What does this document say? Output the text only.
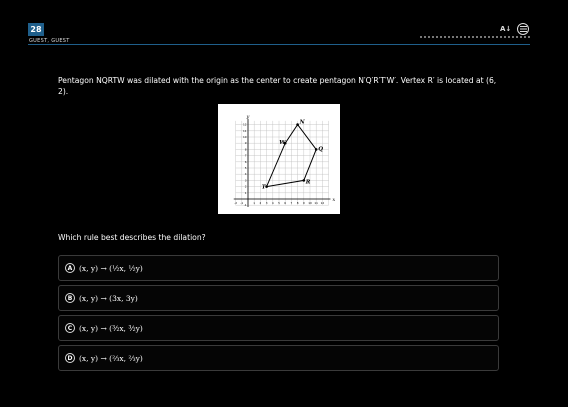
28
GUEST, GUEST
A↓
Pentagon NQRTW was dilated with the origin as the center to create pentagon N′Q′R′T′W′. Vertex R′ is located at (6, 2).
x
y
-2 -1	1 2 3 4 5 6 7 8 9 10 11 12
-1
1
2
3
4
5
6
7
8
9
10
11
12	N
Q
R
T
W
Which rule best describes the dilation?
A (x, y) → (½x, ½y)
B (x, y) → (3x, 3y)
C (x, y) → (³⁄₂x, ³⁄₂y)
D (x, y) → (⅔x, ⅔y)
